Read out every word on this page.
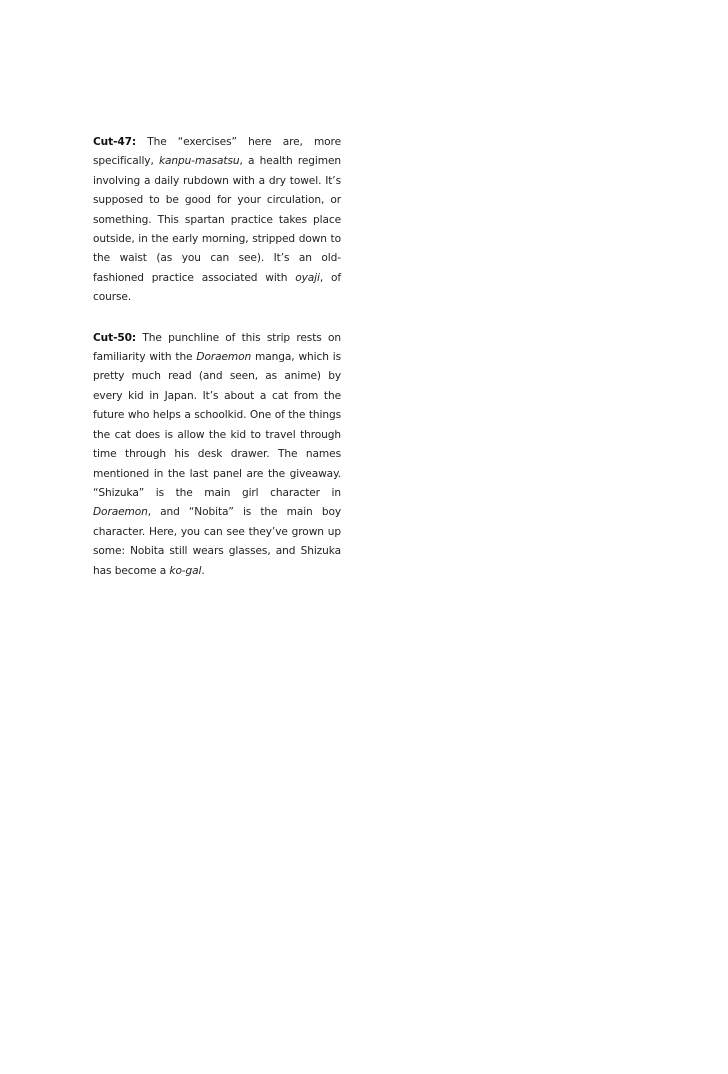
Cut-47: The “exercises” here are, more specifically, kanpu-masatsu, a health regimen involving a daily rubdown with a dry towel. It’s supposed to be good for your circulation, or something. This spartan practice takes place outside, in the early morning, stripped down to the waist (as you can see). It’s an old-fashioned practice associated with oyaji, of course.

Cut-50: The punchline of this strip rests on familiarity with the Doraemon manga, which is pretty much read (and seen, as anime) by every kid in Japan. It’s about a cat from the future who helps a schoolkid. One of the things the cat does is allow the kid to travel through time through his desk drawer. The names mentioned in the last panel are the giveaway. “Shizuka” is the main girl character in Doraemon, and “Nobita” is the main boy character. Here, you can see they’ve grown up some: Nobita still wears glasses, and Shizuka has become a ko-gal.
